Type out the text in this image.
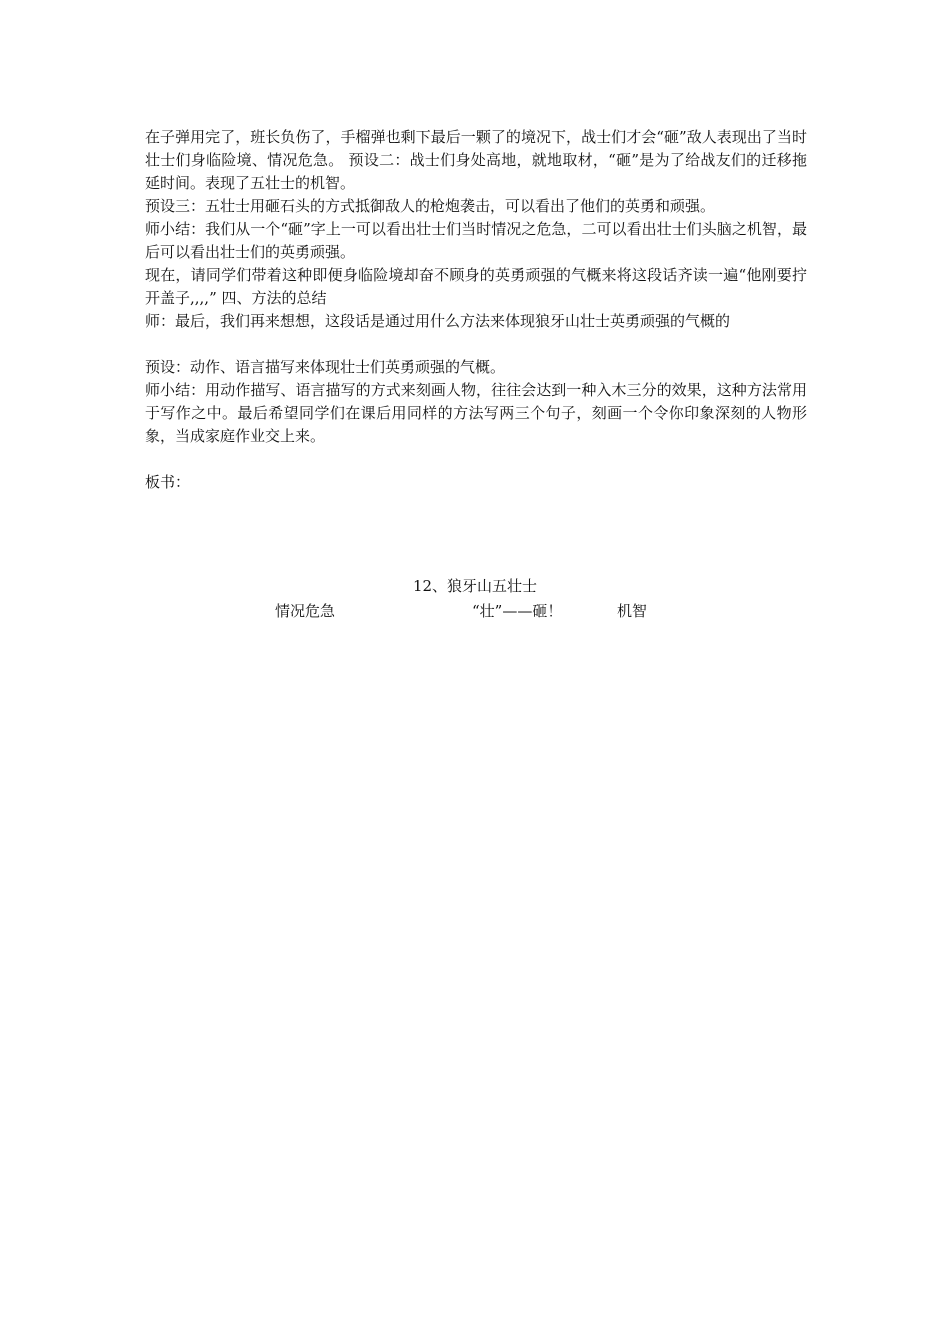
在子弹用完了，班长负伤了，手榴弹也剩下最后一颗了的境况下，战士们才会“砸”敌人表现出了当时壮士们身临险境、情况危急。 预设二：战士们身处高地，就地取材，“砸”是为了给战友们的迁移拖延时间。表现了五壮士的机智。

预设三：五壮士用砸石头的方式抵御敌人的枪炮袭击，可以看出了他们的英勇和顽强。

师小结：我们从一个“砸”字上一可以看出壮士们当时情况之危急，二可以看出壮士们头脑之机智，最后可以看出壮士们的英勇顽强。

现在，请同学们带着这种即便身临险境却奋不顾身的英勇顽强的气概来将这段话齐读一遍“他刚要拧开盖子,,,,” 四、方法的总结

师：最后，我们再来想想，这段话是通过用什么方法来体现狼牙山壮士英勇顽强的气概的

预设：动作、语言描写来体现壮士们英勇顽强的气概。

师小结：用动作描写、语言描写的方式来刻画人物，往往会达到一种入木三分的效果，这种方法常用于写作之中。最后希望同学们在课后用同样的方法写两三个句子，刻画一个令你印象深刻的人物形象，当成家庭作业交上来。

板书：

12、狼牙山五壮士
情况危急	“壮”——砸！	机智
